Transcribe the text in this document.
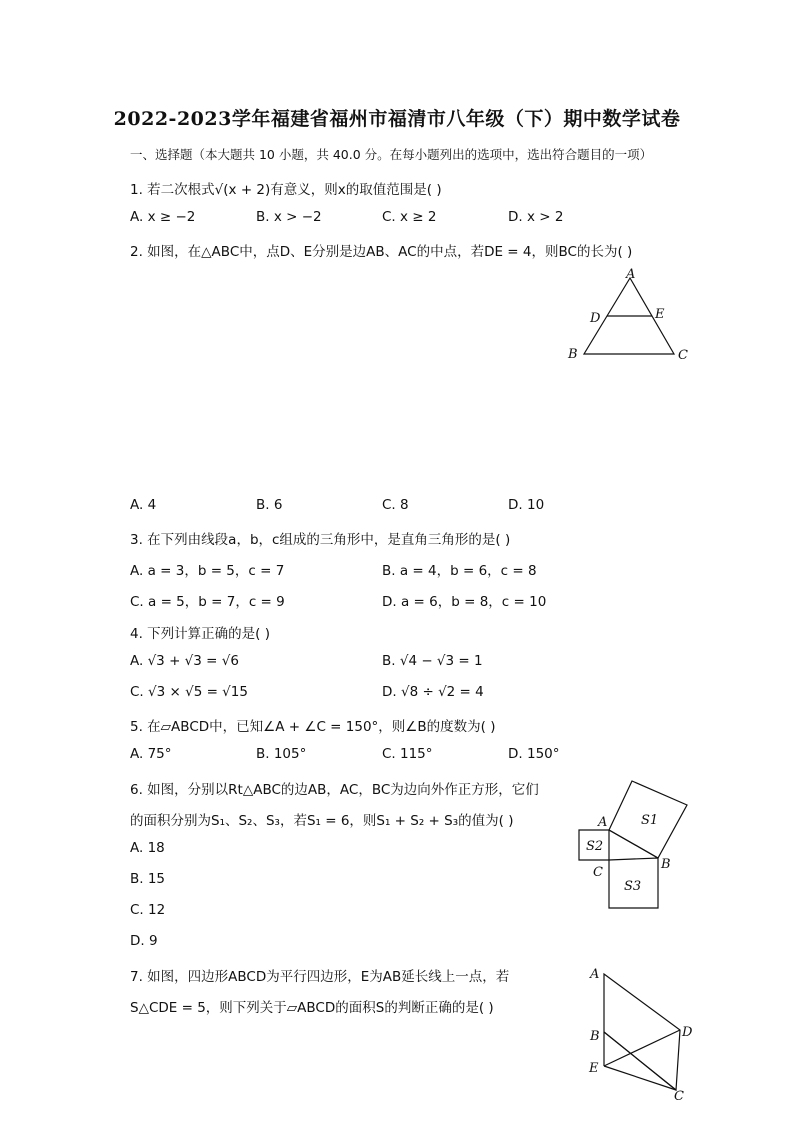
2022-2023学年福建省福州市福清市八年级（下）期中数学试卷
一、选择题（本大题共 10 小题，共 40.0 分。在每小题列出的选项中，选出符合题目的一项）
1. 若二次根式√(x + 2)有意义，则x的取值范围是( )
A. x ≥ −2	B. x > −2	C. x ≥ 2	D. x > 2
2. 如图，在△ABC中，点D、E分别是边AB、AC的中点，若DE = 4，则BC的长为( )
A
D	E
B	C
A. 4	B. 6	C. 8	D. 10
3. 在下列由线段a，b，c组成的三角形中，是直角三角形的是( )
A. a = 3，b = 5，c = 7	B. a = 4，b = 6，c = 8
C. a = 5，b = 7，c = 9	D. a = 6，b = 8，c = 10
4. 下列计算正确的是( )
A. √3 + √3 = √6	B. √4 − √3 = 1
C. √3 × √5 = √15	D. √8 ÷ √2 = 4
5. 在▱ABCD中，已知∠A + ∠C = 150°，则∠B的度数为( )
A. 75°	B. 105°	C. 115°	D. 150°
6. 如图，分别以Rt△ABC的边AB，AC，BC为边向外作正方形，它们
的面积分别为S₁、S₂、S₃，若S₁ = 6，则S₁ + S₂ + S₃的值为( )
A. 18
B. 15
C. 12
D. 9
A
B
C
S1
S2
S3
7. 如图，四边形ABCD为平行四边形，E为AB延长线上一点，若
S△CDE = 5，则下列关于▱ABCD的面积S的判断正确的是( )
A
B	D
E
C
